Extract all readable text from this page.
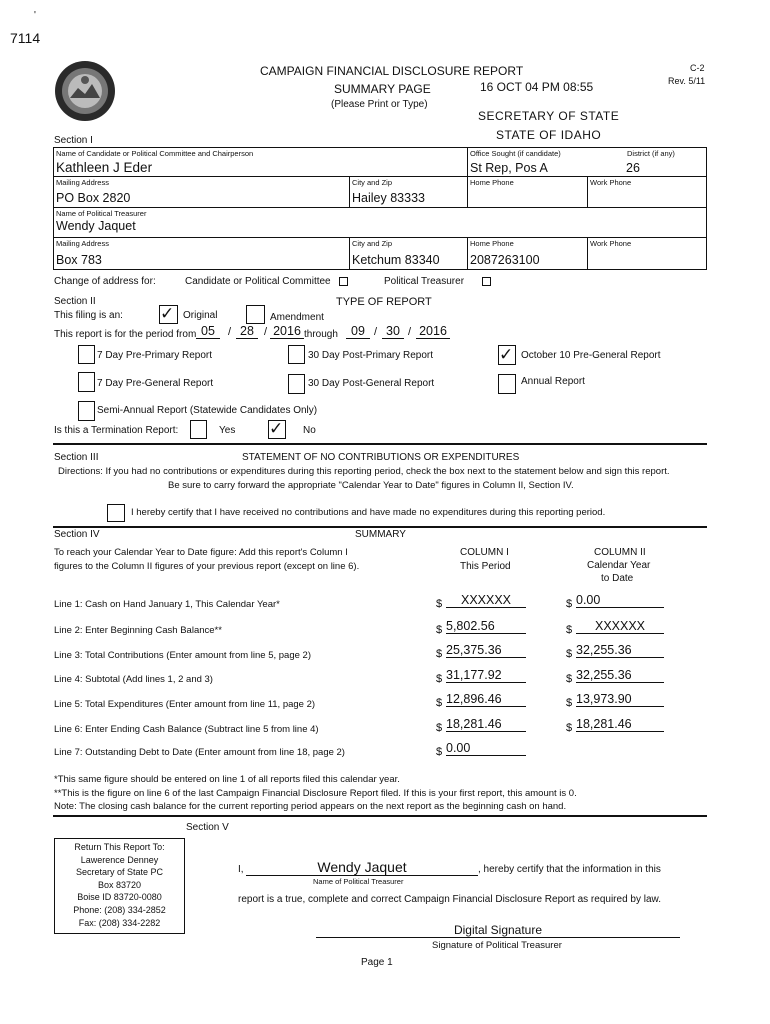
7114
'
CAMPAIGN FINANCIAL DISCLOSURE REPORT
SUMMARY PAGE
(Please Print or Type)
16 OCT 04 PM 08:55
C-2
Rev. 5/11
SECRETARY OF STATE
STATE OF IDAHO
Section I
Name of Candidate or Political Committee and Chairperson
Kathleen J Eder
Office Sought (if candidate)
St Rep, Pos A
District (if any)
26
Mailing Address
PO Box 2820
City and Zip
Hailey 83333
Home Phone	Work Phone
Name of Political Treasurer
Wendy Jaquet
Mailing Address
Box 783
City and Zip
Ketchum 83340
Home Phone
2087263100
Work Phone
Change of address for:	Candidate or Political Committee	Political Treasurer
Section II	TYPE OF REPORT
This filing is an: ✓ Original	Amendment
This report is for the period from 05	/ 28 / 2016 through	09 / 30 / 2016
7 Day Pre-Primary Report	30 Day Post-Primary Report	✓ October 10 Pre-General Report
7 Day Pre-General Report	30 Day Post-General Report	Annual Report
Semi-Annual Report (Statewide Candidates Only)
Is this a Termination Report:	Yes ✓ No
Section III	STATEMENT OF NO CONTRIBUTIONS OR EXPENDITURES
Directions: If you had no contributions or expenditures during this reporting period, check the box next to the statement below and sign this report.
Be sure to carry forward the appropriate "Calendar Year to Date" figures in Column II, Section IV.
I hereby certify that I have received no contributions and have made no expenditures during this reporting period.
Section IV	SUMMARY
To reach your Calendar Year to Date figure: Add this report's Column I
figures to the Column II figures of your previous report (except on line 6).
COLUMN I
This Period
COLUMN II
Calendar Year
to Date
Line 1: Cash on Hand January 1, This Calendar Year*	$	XXXXXX	$ 0.00
Line 2: Enter Beginning Cash Balance**	$ 5,802.56	$	XXXXXX
Line 3: Total Contributions (Enter amount from line 5, page 2)	$ 25,375.36	$ 32,255.36
Line 4: Subtotal (Add lines 1, 2 and 3)	$ 31,177.92	$ 32,255.36
Line 5: Total Expenditures (Enter amount from line 11, page 2)	$ 12,896.46	$ 13,973.90
Line 6: Enter Ending Cash Balance (Subtract line 5 from line 4)	$ 18,281.46	$ 18,281.46
Line 7: Outstanding Debt to Date (Enter amount from line 18, page 2)	$ 0.00
*This same figure should be entered on line 1 of all reports filed this calendar year.
**This is the figure on line 6 of the last Campaign Financial Disclosure Report filed. If this is your first report, this amount is 0.
Note: The closing cash balance for the current reporting period appears on the next report as the beginning cash on hand.
Section V
Return This Report To:
Lawerence Denney
Secretary of State PC
Box 83720
Boise ID 83720-0080
Phone: (208) 334-2852
Fax: (208) 334-2282
I,	Wendy Jaquet	, hereby certify that the information in this
Name of Political Treasurer
report is a true, complete and correct Campaign Financial Disclosure Report as required by law.
Digital Signature
Signature of Political Treasurer
Page 1
